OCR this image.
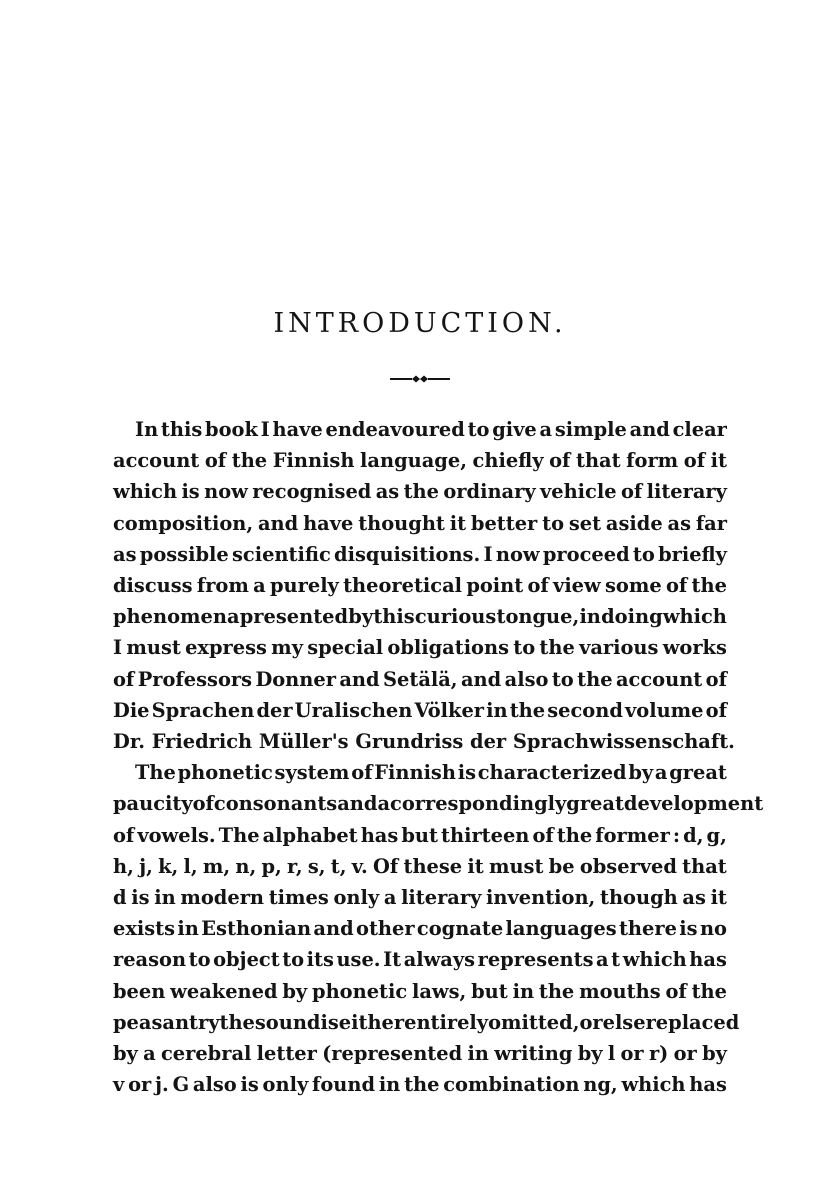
INTRODUCTION.
In this book I have endeavoured to give a simple and clear
account of the Finnish language, chiefly of that form of it
which is now recognised as the ordinary vehicle of literary
composition, and have thought it better to set aside as far
as possible scientific disquisitions. I now proceed to briefly
discuss from a purely theoretical point of view some of the
phenomena presented by this curious tongue, in doing which
I must express my special obligations to the various works
of Professors Donner and Setälä, and also to the account of
Die Sprachen der Uralischen Völker in the second volume of
Dr. Friedrich Müller's Grundriss der Sprachwissenschaft.
The phonetic system of Finnish is characterized by a great
paucity of consonants and a correspondingly great development
of vowels. The alphabet has but thirteen of the former : d, g,
h, j, k, l, m, n, p, r, s, t, v. Of these it must be observed that
d is in modern times only a literary invention, though as it
exists in Esthonian and other cognate languages there is no
reason to object to its use. It always represents a t which has
been weakened by phonetic laws, but in the mouths of the
peasantry the sound is either entirely omitted, or else replaced
by a cerebral letter (represented in writing by l or r) or by
v or j. G also is only found in the combination ng, which has
